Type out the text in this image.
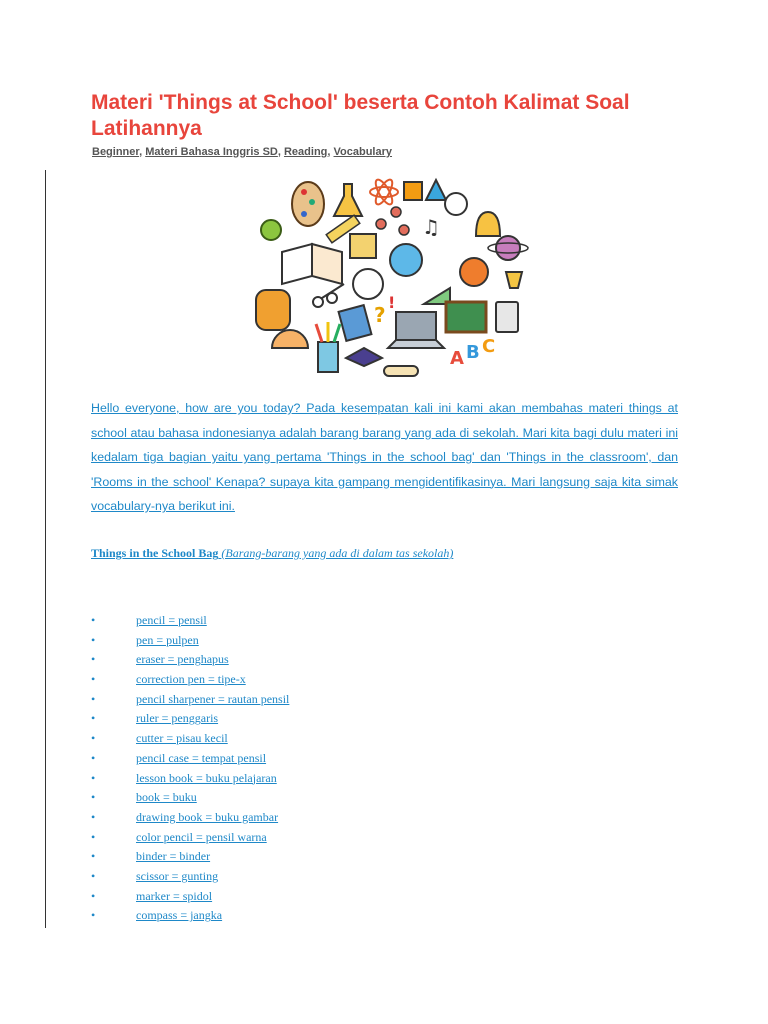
Materi 'Things at School' beserta Contoh Kalimat Soal Latihannya
Beginner, Materi Bahasa Inggris SD, Reading, Vocabulary
♫
?
!
A B C

Hello everyone, how are you today? Pada kesempatan kali ini kami akan membahas materi things at school atau bahasa indonesianya adalah barang barang yang ada di sekolah. Mari kita bagi dulu materi ini kedalam tiga bagian yaitu yang pertama 'Things in the school bag' dan 'Things in the classroom', dan 'Rooms in the school' Kenapa? supaya kita gampang mengidentifikasinya. Mari langsung saja kita simak vocabulary-nya berikut ini.

Things in the School Bag (Barang-barang yang ada di dalam tas sekolah)
•	pencil = pensil
•	pen = pulpen
•	eraser = penghapus
•	correction pen = tipe-x
•	pencil sharpener = rautan pensil
•	ruler = penggaris
•	cutter = pisau kecil
•	pencil case = tempat pensil
•	lesson book = buku pelajaran
•	book = buku
•	drawing book = buku gambar
•	color pencil = pensil warna
•	binder = binder
•	scissor = gunting
•	marker = spidol
•	compass = jangka
